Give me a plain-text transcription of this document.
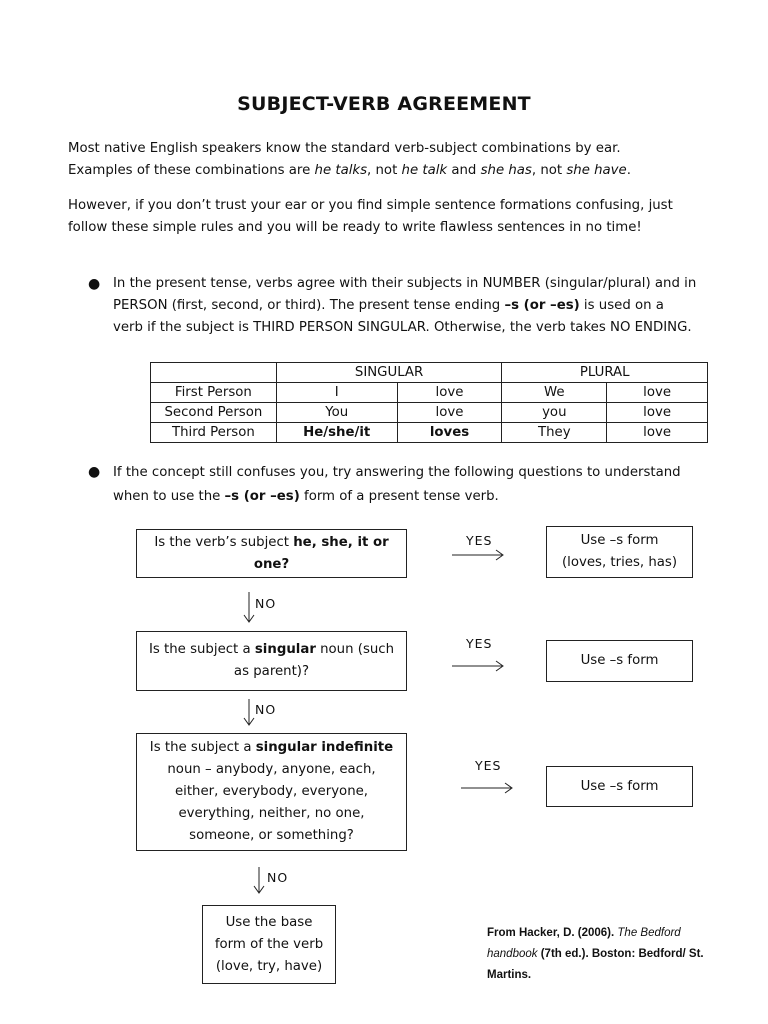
SUBJECT-VERB AGREEMENT

Most native English speakers know the standard verb-subject combinations by ear.
Examples of these combinations are he talks, not he talk and she has, not she have.

However, if you don’t trust your ear or you find simple sentence formations confusing, just follow these simple rules and you will be ready to write flawless sentences in no time!

● In the present tense, verbs agree with their subjects in NUMBER (singular/plural) and in PERSON (first, second, or third). The present tense ending –s (or –es) is used on a verb if the subject is THIRD PERSON SINGULAR. Otherwise, the verb takes NO ENDING.

	SINGULAR		PLURAL	
First Person	I	love	We	love
Second Person	You	love	you	love
Third Person	He/she/it	loves	They	love
● If the concept still confuses you, try answering the following questions to understand when to use the –s (or –es) form of a present tense verb.

Is the verb’s subject he, she, it or one?
YES	Use –s form (loves, tries, has)
NO
Is the subject a singular noun (such as parent)?
YES
Use –s form
NO
Is the subject a singular indefinite noun – anybody, anyone, each, either, everybody, everyone, everything, neither, no one, someone, or something?
YES
Use –s form
NO
Use the base form of the verb (love, try, have)

From Hacker, D. (2006). The Bedford handbook (7th ed.). Boston: Bedford/ St. Martins.
